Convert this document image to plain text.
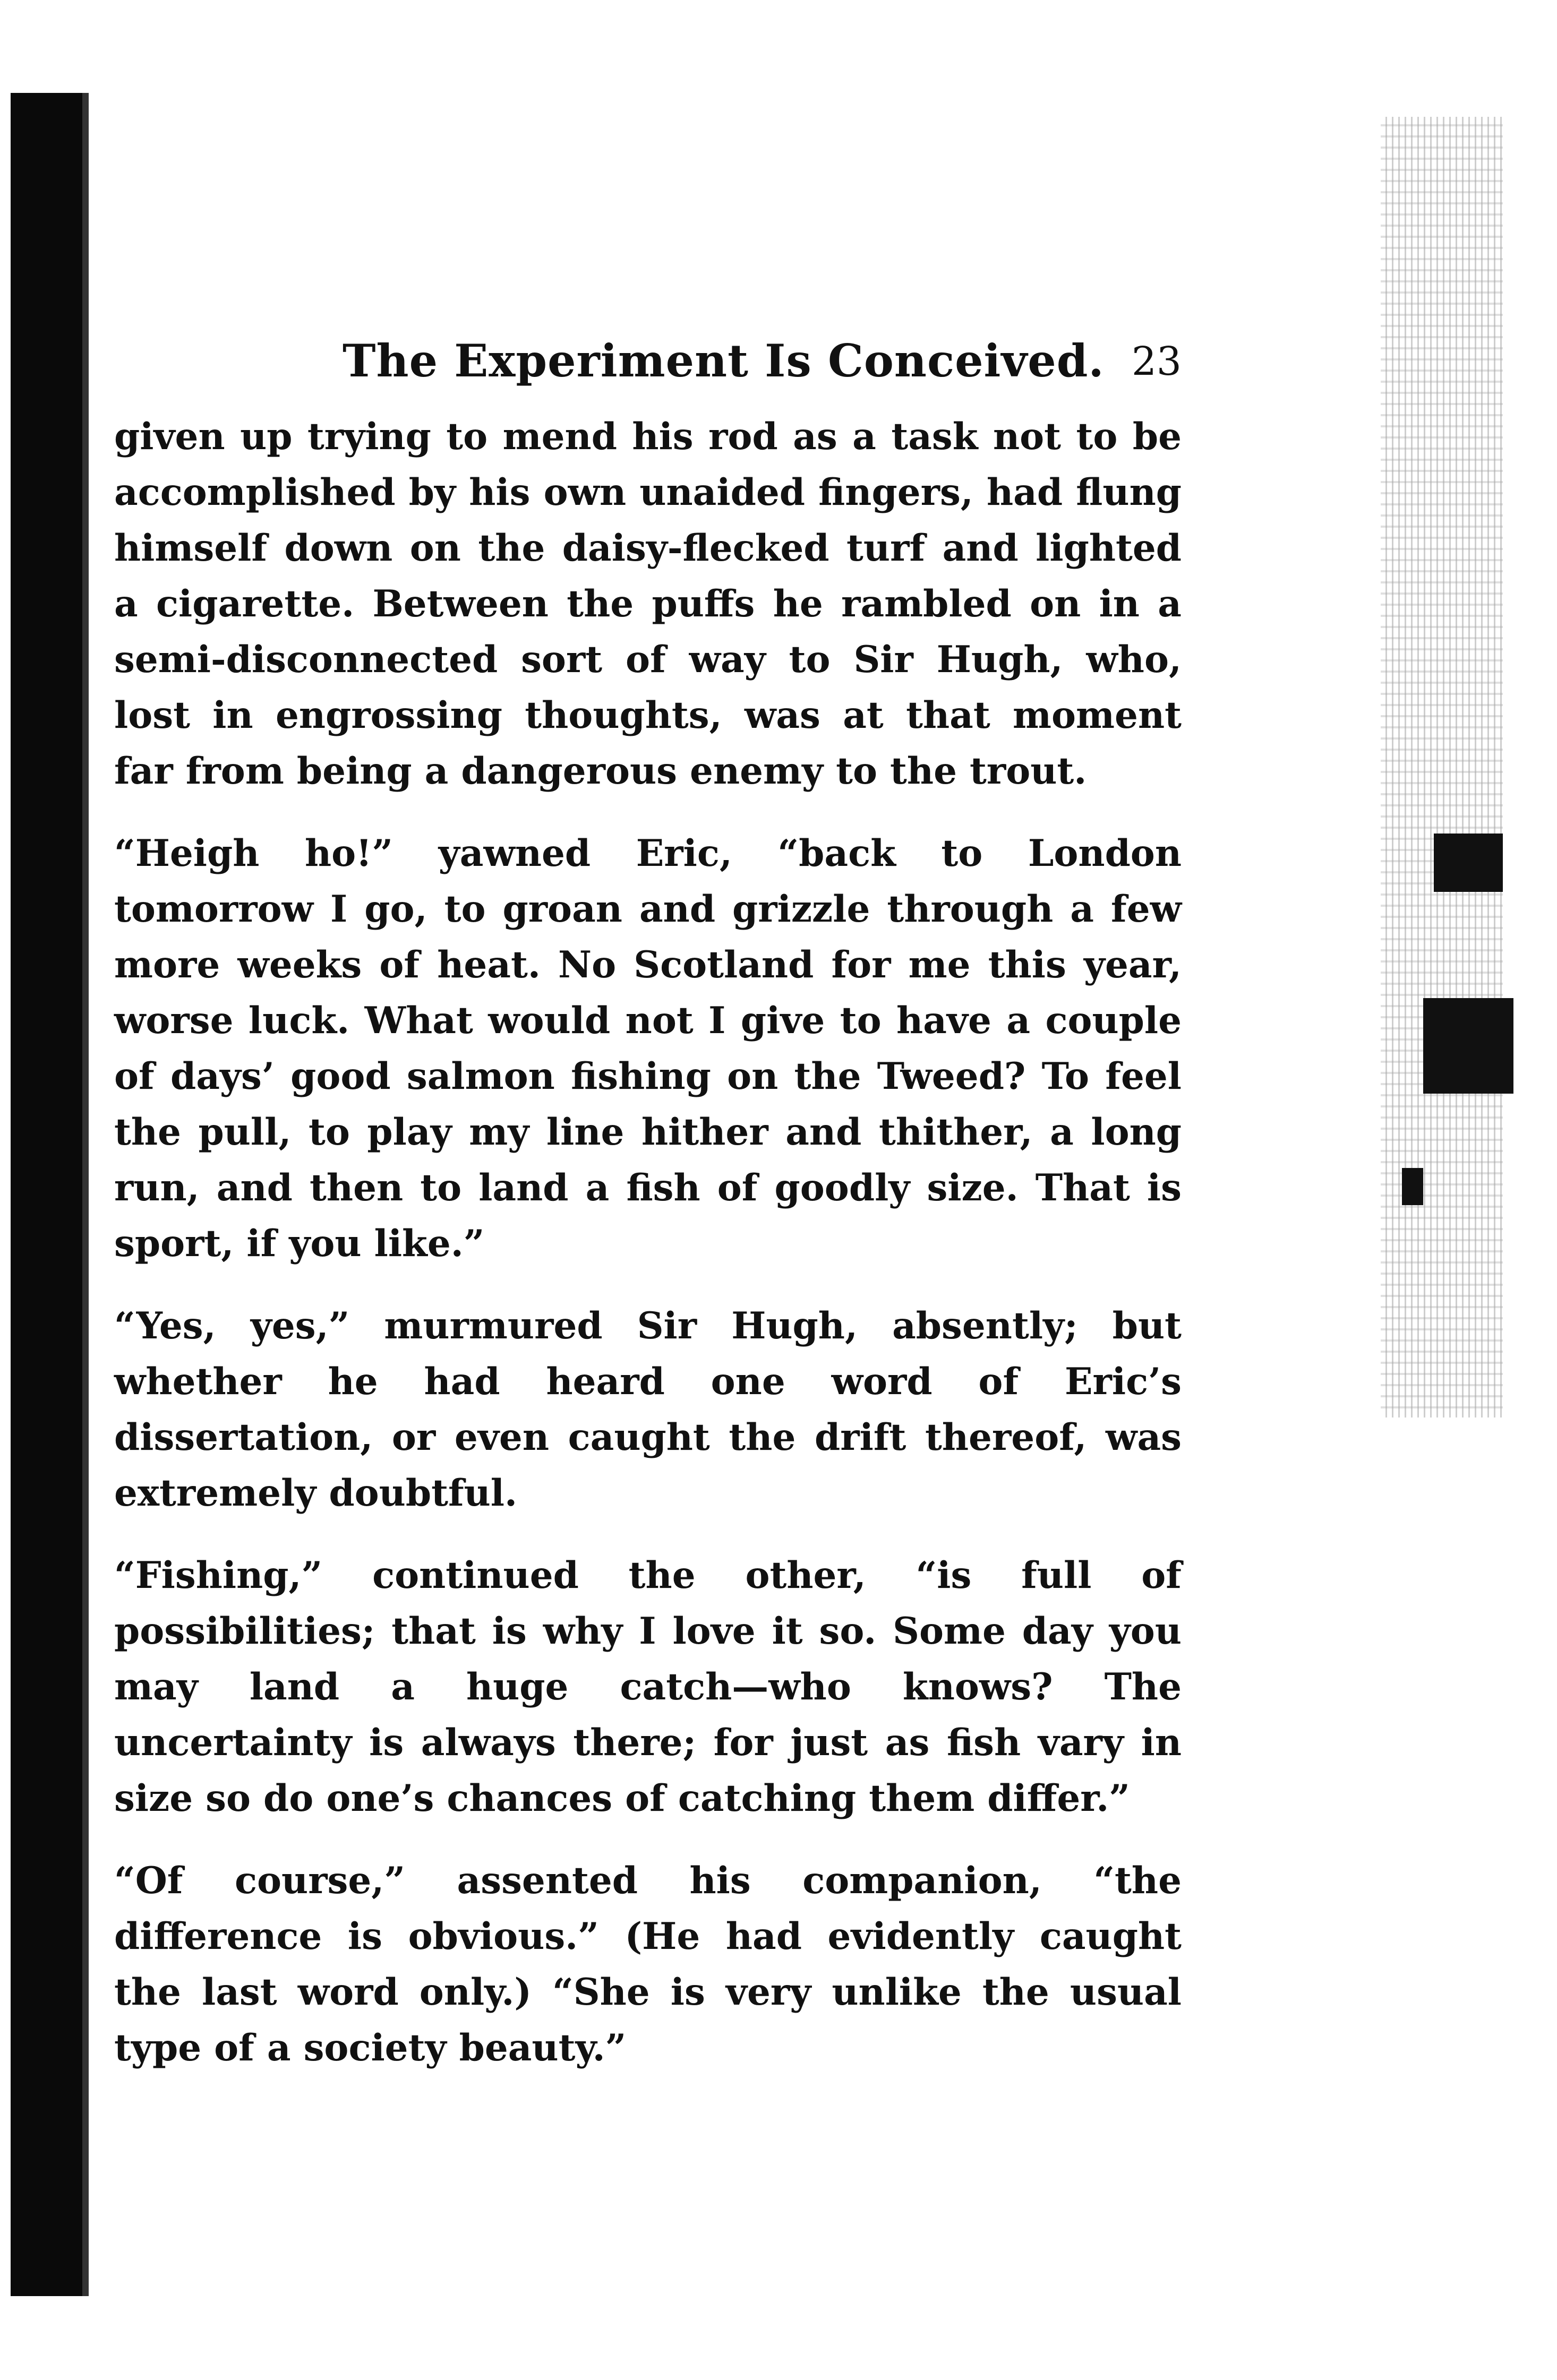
The Experiment Is Conceived. 23

given up trying to mend his rod as a task not to be accomplished by his own unaided fingers, had flung himself down on the daisy-flecked turf and lighted a cigarette. Between the puffs he rambled on in a semi-disconnected sort of way to Sir Hugh, who, lost in engrossing thoughts, was at that moment far from being a dangerous enemy to the trout.

“Heigh ho!” yawned Eric, “back to London tomorrow I go, to groan and grizzle through a few more weeks of heat. No Scotland for me this year, worse luck. What would not I give to have a couple of days’ good salmon fishing on the Tweed? To feel the pull, to play my line hither and thither, a long run, and then to land a fish of goodly size. That is sport, if you like.”

“Yes, yes,” murmured Sir Hugh, absently; but whether he had heard one word of Eric’s dissertation, or even caught the drift thereof, was extremely doubtful.

“Fishing,” continued the other, “is full of possibilities; that is why I love it so. Some day you may land a huge catch—who knows? The uncertainty is always there; for just as fish vary in size so do one’s chances of catching them differ.”

“Of course,” assented his companion, “the difference is obvious.” (He had evidently caught the last word only.) “She is very unlike the usual type of a society beauty.”
